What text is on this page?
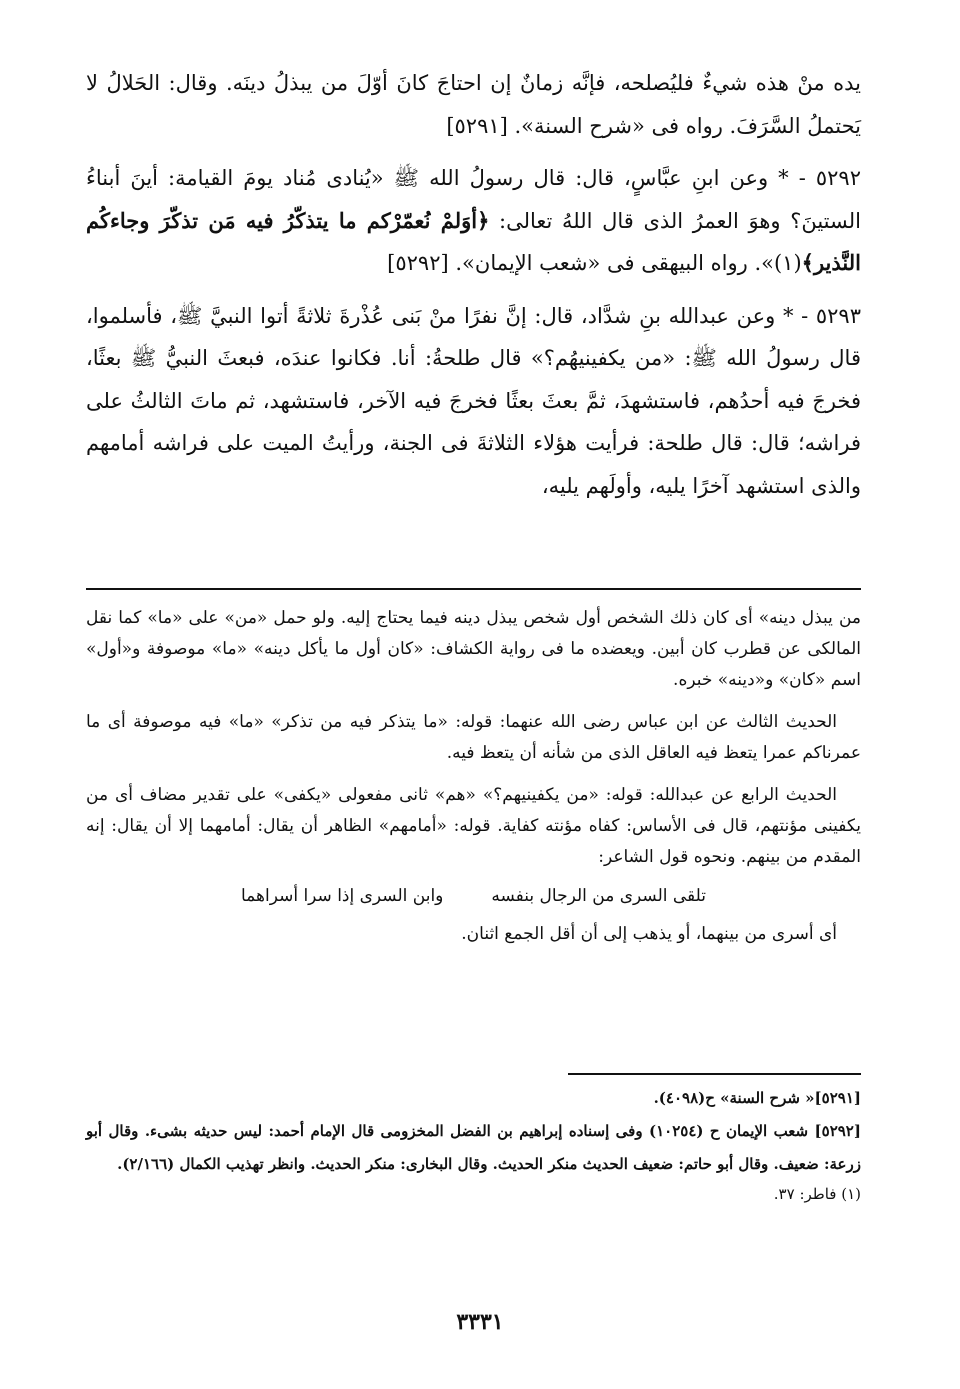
يده منْ هذه شيءٌ فليُصلحه، فإنَّه زمانٌ إن احتاجَ كانَ أوّلَ من يبذلُ دينَه. وقال: الحَلالُ لا يَحتملُ السَّرَفَ. رواه فى «شرح السنة». [٥٢٩١]

٥٢٩٢ - * وعن ابنِ عبَّاسٍ، قال: قال رسولُ الله ﷺ «يُنادى مُناد يومَ القيامة: أينَ أبناءُ الستينَ؟ وهوَ العمرُ الذى قال اللهُ تعالى: ﴿أوَلمْ نُعمّرْكم ما يتذكّرُ فيه مَن تذكّرَ وجاءكُم النَّذير﴾(١)». رواه البيهقى فى «شعب الإيمان». [٥٢٩٢]

٥٢٩٣ - * وعن عبدالله بنِ شدَّاد، قال: إنَّ نفرًا منْ بَنى عُذْرةَ ثلاثةً أتوا النبيَّ ﷺ، فأسلموا، قال رسولُ الله ﷺ: «من يكفينيهُم؟» قال طلحةُ: أنا. فكانوا عندَه، فبعثَ النبيُّ ﷺ بعثًا، فخرجَ فيه أحدُهم، فاستشهدَ، ثمَّ بعثَ بعثًا فخرجَ فيه الآخر، فاستشهد، ثم ماتَ الثالثُ على فراشه؛ قال: قال طلحة: فرأيت هؤلاء الثلاثةَ فى الجنة، ورأيتُ الميت على فراشه أمامهم والذى استشهد آخرًا يليه، وأولَهم يليه،

من يبذل دينه» أى كان ذلك الشخص أول شخص يبذل دينه فيما يحتاج إليه. ولو حمل «من» على «ما» كما نقل المالكى عن قطرب كان أبين. ويعضده ما فى رواية الكشاف: «كان أول ما يأكل دينه» «ما» موصوفة و«أول» اسم «كان» و«دينه» خبره.

الحديث الثالث عن ابن عباس رضى الله عنهما: قوله: «ما يتذكر فيه من تذكر» «ما» فيه موصوفة أى ما عمرناكم عمرا يتعظ فيه العاقل الذى من شأنه أن يتعظ فيه.

الحديث الرابع عن عبدالله: قوله: «من يكفينيهم؟» «هم» ثانى مفعولى «يكفى» على تقدير مضاف أى من يكفينى مؤنتهم، قال فى الأساس: كفاه مؤنته كفاية. قوله: «أمامهم» الظاهر أن يقال: أمامهما إلا أن يقال: إنه المقدم من بينهم. ونحوه قول الشاعر:

تلقى السرى من الرجال بنفسه
وابن السرى إذا سرا أسراهما

أى أسرى من بينهما، أو يذهب إلى أن أقل الجمع اثنان.

[٥٢٩١]« شرح السنة» ح(٤٠٩٨).

[٥٢٩٢] شعب الإيمان ح (١٠٢٥٤) وفى إسناده إبراهيم بن الفضل المخزومى قال الإمام أحمد: ليس حديثه بشىء. وقال أبو زرعة: ضعيف. وقال أبو حاتم: ضعيف الحديث منكر الحديث. وقال البخارى: منكر الحديث. وانظر تهذيب الكمال (٢/١٦٦).

(١) فاطر: ٣٧.

٣٣٣١
